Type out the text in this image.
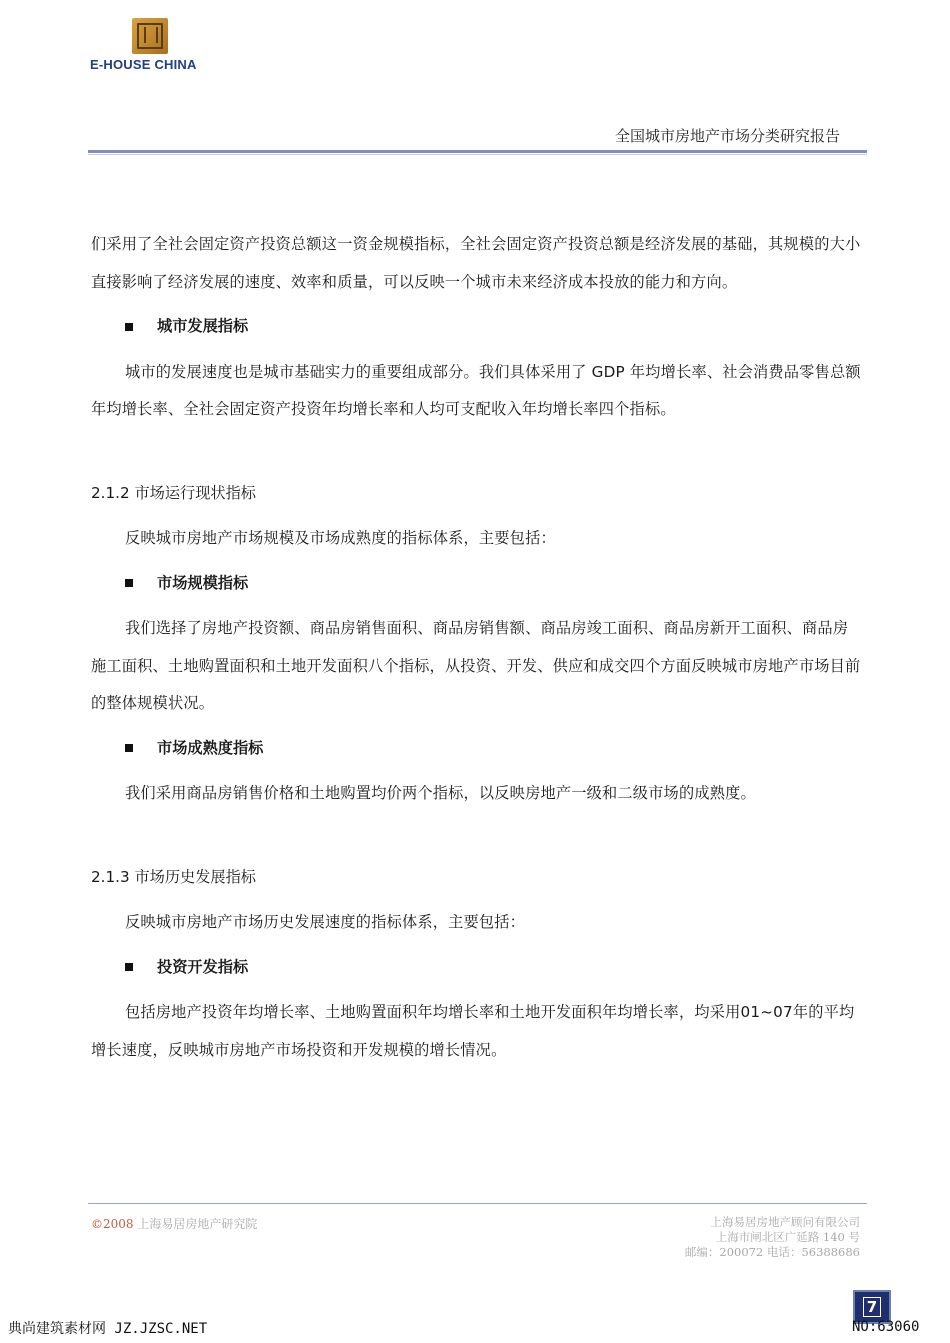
E-HOUSE CHINA
全国城市房地产市场分类研究报告

们采用了全社会固定资产投资总额这一资金规模指标，全社会固定资产投资总额是经济发展的基础，其规模的大小直接影响了经济发展的速度、效率和质量，可以反映一个城市未来经济成本投放的能力和方向。

城市发展指标

城市的发展速度也是城市基础实力的重要组成部分。我们具体采用了 GDP 年均增长率、社会消费品零售总额年均增长率、全社会固定资产投资年均增长率和人均可支配收入年均增长率四个指标。

2.1.2 市场运行现状指标

反映城市房地产市场规模及市场成熟度的指标体系，主要包括：

市场规模指标

我们选择了房地产投资额、商品房销售面积、商品房销售额、商品房竣工面积、商品房新开工面积、商品房施工面积、土地购置面积和土地开发面积八个指标，从投资、开发、供应和成交四个方面反映城市房地产市场目前的整体规模状况。

市场成熟度指标

我们采用商品房销售价格和土地购置均价两个指标，以反映房地产一级和二级市场的成熟度。

2.1.3 市场历史发展指标

反映城市房地产市场历史发展速度的指标体系，主要包括：

投资开发指标

包括房地产投资年均增长率、土地购置面积年均增长率和土地开发面积年均增长率，均采用01~07年的平均增长速度，反映城市房地产市场投资和开发规模的增长情况。

©2008 上海易居房地产研究院	上海易居房地产顾问有限公司
上海市闸北区广延路 140 号
邮编：200072 电话：56388686
7
典尚建筑素材网 JZ.JZSC.NET	NO:63060
